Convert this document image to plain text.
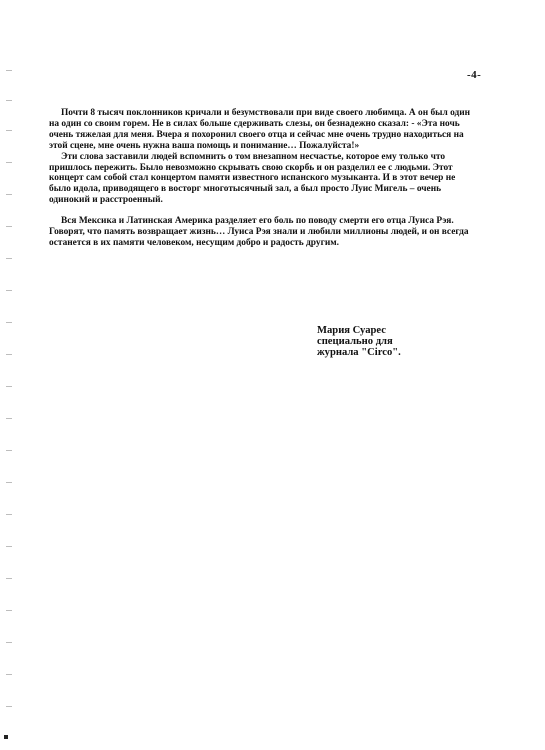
-4-

Почти 8 тысяч поклонников кричали и безумствовали при виде своего любимца. А он был один на один со своим горем. Не в силах больше сдерживать слезы, он безнадежно сказал: - «Эта ночь очень тяжелая для меня. Вчера я похоронил своего отца и сейчас мне очень трудно находиться на этой сцене, мне очень нужна ваша помощь и понимание… Пожалуйста!»

Эти слова заставили людей вспомнить о том внезапном несчастье, которое ему только что пришлось пережить. Было невозможно скрывать свою скорбь и он разделил ее с людьми. Этот концерт сам собой стал концертом памяти известного испанского музыканта. И в этот вечер не было идола, приводящего в восторг многотысячный зал, а был просто Луис Мигель – очень одинокий и расстроенный.

Вся Мексика и Латинская Америка разделяет его боль по поводу смерти его отца Луиса Рэя. Говорят, что память возвращает жизнь… Луиса Рэя знали и любили миллионы людей, и он всегда останется в их памяти человеком, несущим добро и радость другим.

Мария Суарес
специально для
журнала "Circo".
